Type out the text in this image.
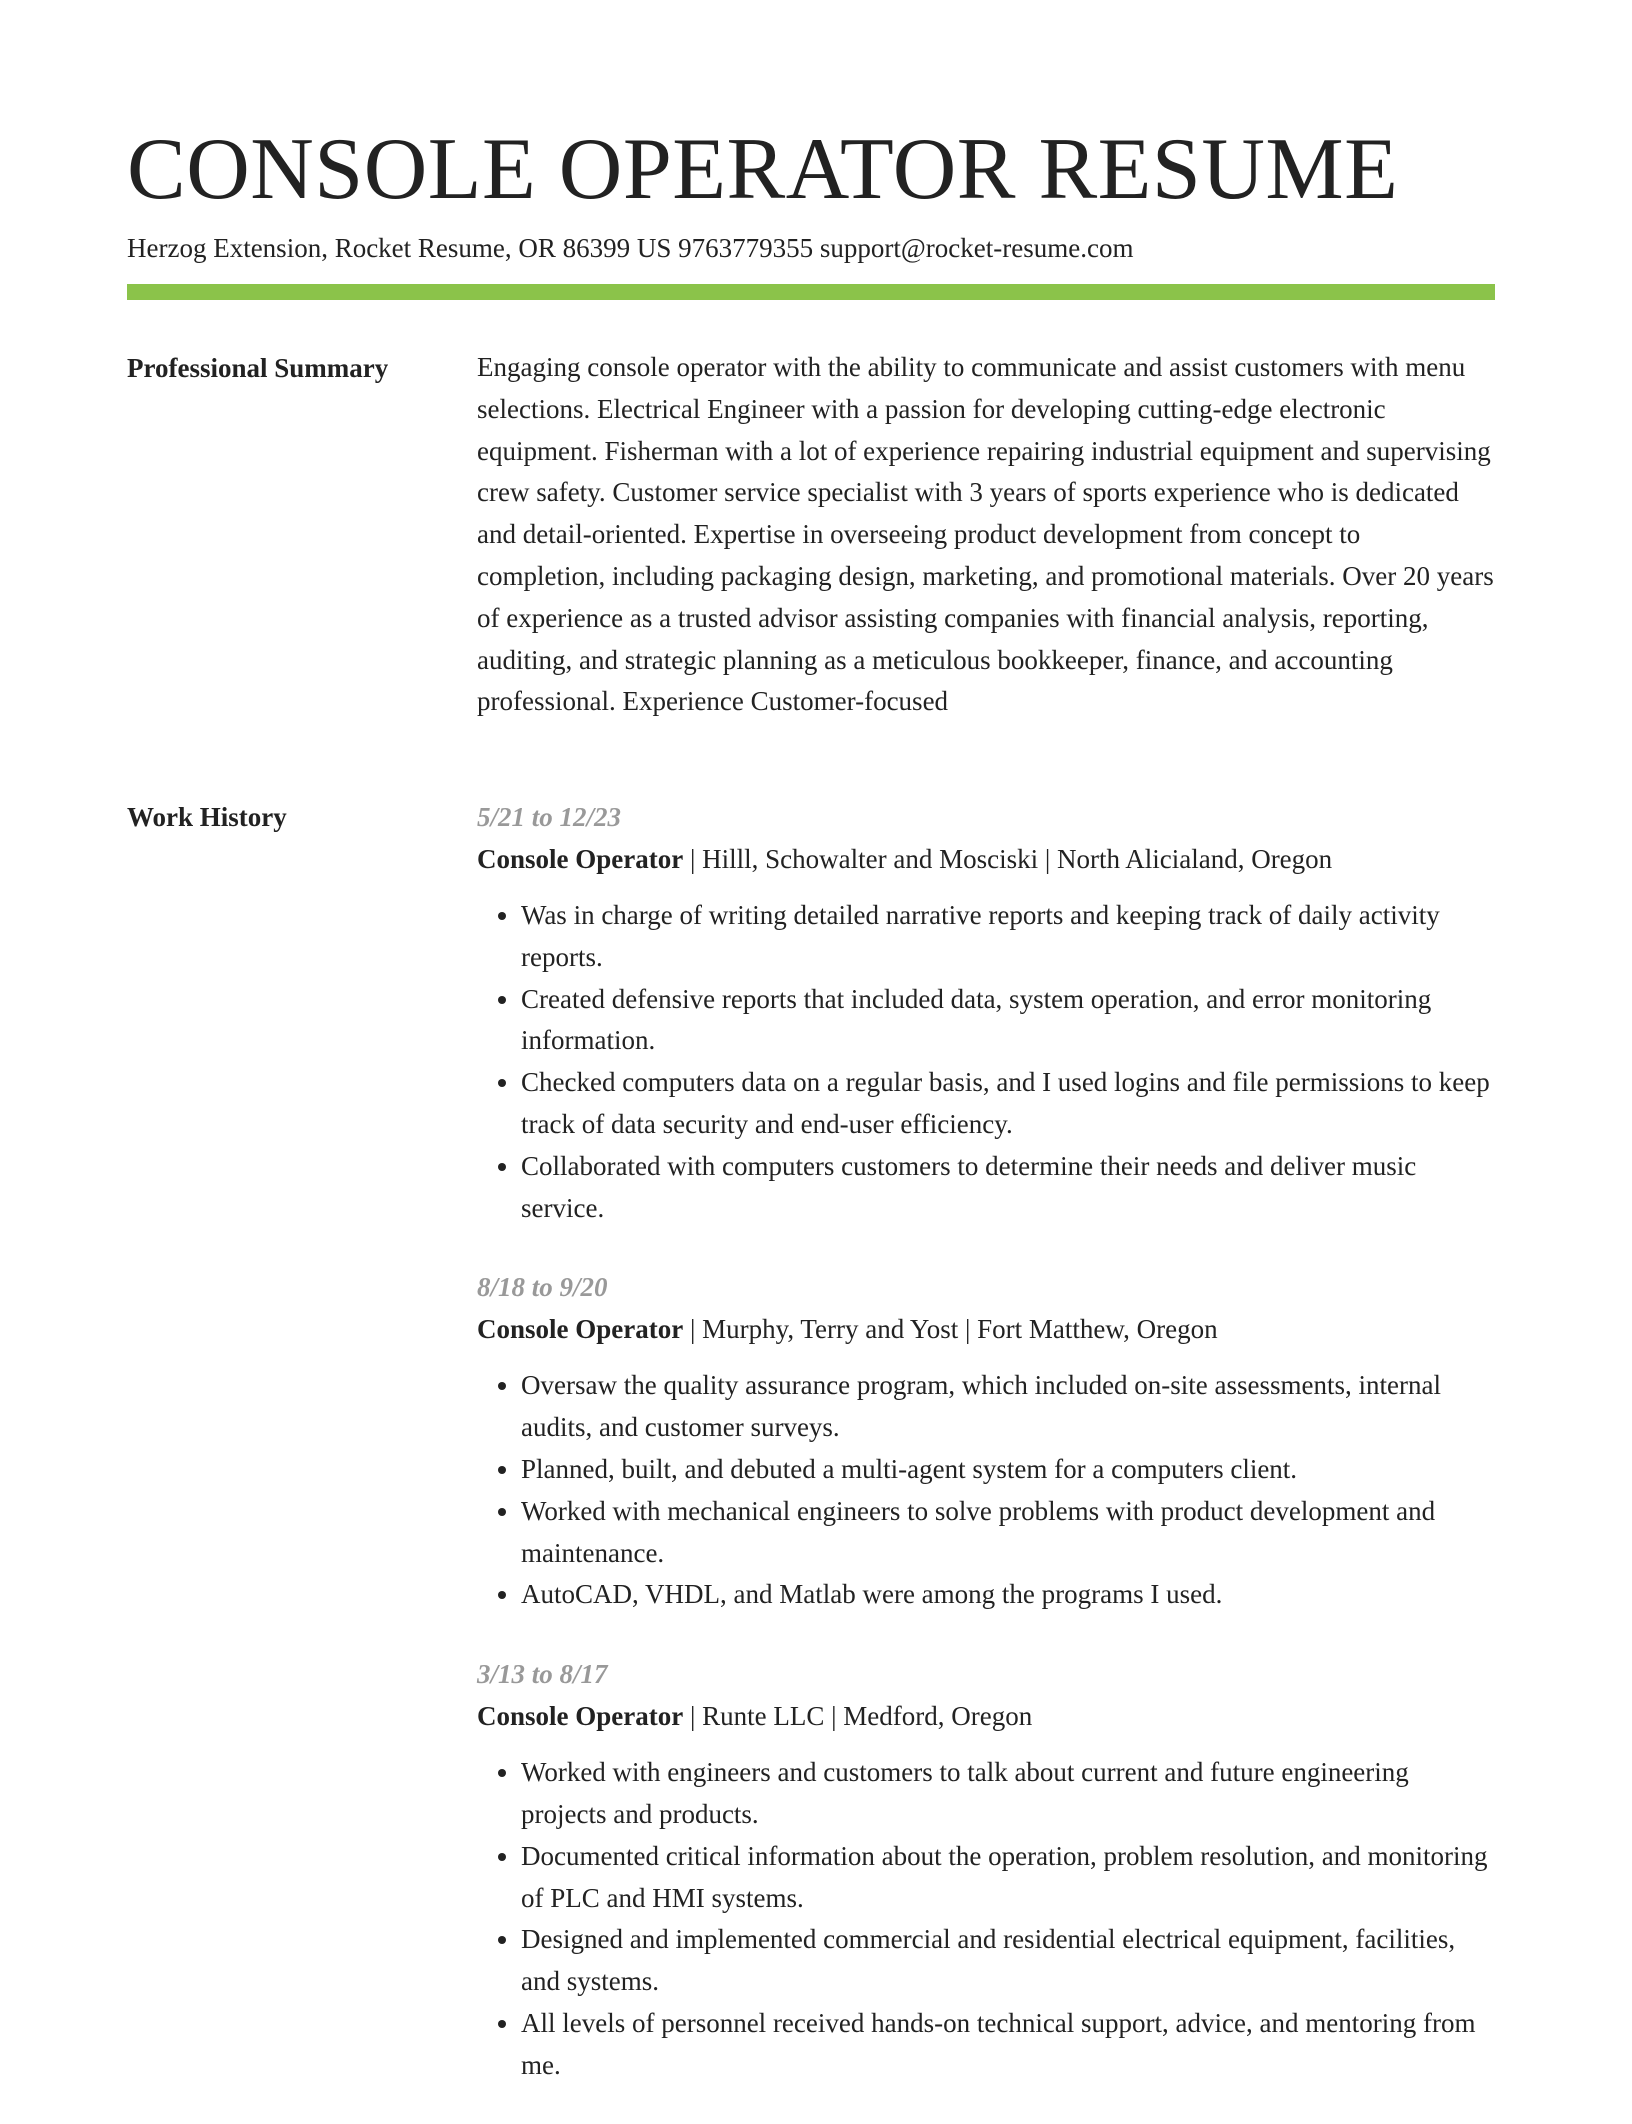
CONSOLE OPERATOR RESUME
Herzog Extension, Rocket Resume, OR 86399 US 9763779355 support@rocket-resume.com
Professional Summary	Engaging console operator with the ability to communicate and assist customers with menu selections. Electrical Engineer with a passion for developing cutting-edge electronic equipment. Fisherman with a lot of experience repairing industrial equipment and supervising crew safety. Customer service specialist with 3 years of sports experience who is dedicated and detail-oriented. Expertise in overseeing product development from concept to completion, including packaging design, marketing, and promotional materials. Over 20 years of experience as a trusted advisor assisting companies with financial analysis, reporting, auditing, and strategic planning as a meticulous bookkeeper, finance, and accounting professional. Experience Customer-focused

Work History	5/21 to 12/23
Console Operator | Hilll, Schowalter and Mosciski | North Alicialand, Oregon
• Was in charge of writing detailed narrative reports and keeping track of daily activity reports.
• Created defensive reports that included data, system operation, and error monitoring information.
• Checked computers data on a regular basis, and I used logins and file permissions to keep track of data security and end-user efficiency.
• Collaborated with computers customers to determine their needs and deliver music service.
8/18 to 9/20
Console Operator | Murphy, Terry and Yost | Fort Matthew, Oregon
• Oversaw the quality assurance program, which included on-site assessments, internal audits, and customer surveys.
• Planned, built, and debuted a multi-agent system for a computers client.
• Worked with mechanical engineers to solve problems with product development and maintenance.
• AutoCAD, VHDL, and Matlab were among the programs I used.
3/13 to 8/17
Console Operator | Runte LLC | Medford, Oregon
• Worked with engineers and customers to talk about current and future engineering projects and products.
• Documented critical information about the operation, problem resolution, and monitoring of PLC and HMI systems.
• Designed and implemented commercial and residential electrical equipment, facilities, and systems.
• All levels of personnel received hands-on technical support, advice, and mentoring from me.
